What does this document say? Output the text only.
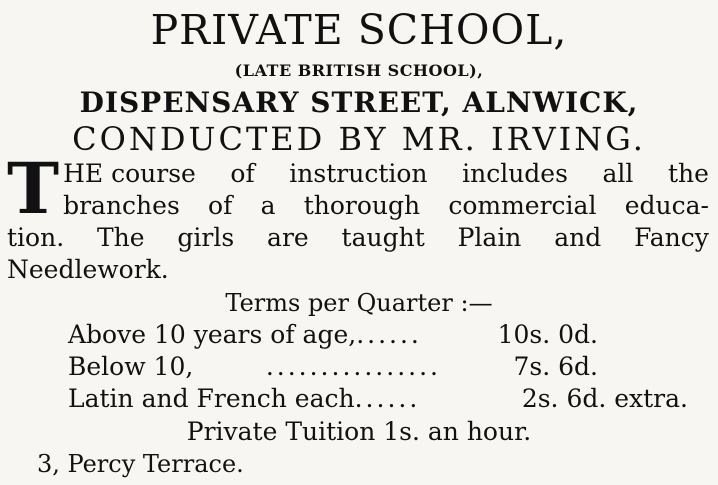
PRIVATE SCHOOL,
(LATE BRITISH SCHOOL),
DISPENSARY STREET, ALNWICK,
CONDUCTED BY MR. IRVING.
T HE course of instruction includes all the
branches of a thorough commercial educa-
tion. The girls are taught Plain and Fancy
Needlework.
Terms per Quarter :—
Above 10 years of age, ......	10s. 0d.
Below 10,	................	7s. 6d.
Latin and French each ......	2s. 6d. extra.
Private Tuition 1s. an hour.
3, Percy Terrace.
